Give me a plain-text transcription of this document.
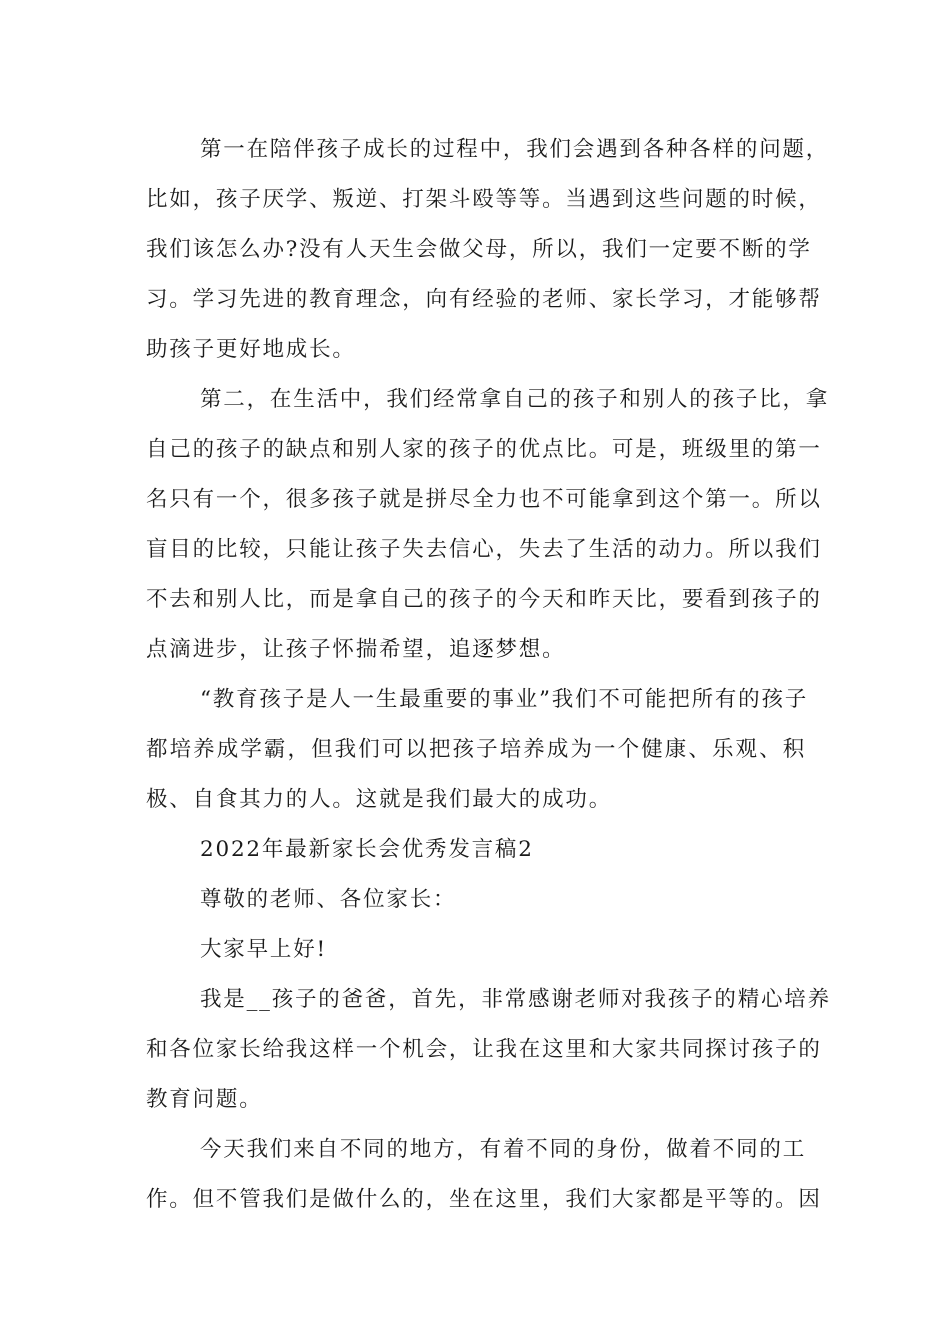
第一在陪伴孩子成长的过程中，我们会遇到各种各样的问题，
比如，孩子厌学、叛逆、打架斗殴等等。当遇到这些问题的时候，
我们该怎么办?没有人天生会做父母，所以，我们一定要不断的学
习。学习先进的教育理念，向有经验的老师、家长学习，才能够帮
助孩子更好地成长。
第二，在生活中，我们经常拿自己的孩子和别人的孩子比，拿
自己的孩子的缺点和别人家的孩子的优点比。可是，班级里的第一
名只有一个，很多孩子就是拼尽全力也不可能拿到这个第一。所以
盲目的比较，只能让孩子失去信心，失去了生活的动力。所以我们
不去和别人比，而是拿自己的孩子的今天和昨天比，要看到孩子的
点滴进步，让孩子怀揣希望，追逐梦想。
“教育孩子是人一生最重要的事业”我们不可能把所有的孩子
都培养成学霸，但我们可以把孩子培养成为一个健康、乐观、积
极、自食其力的人。这就是我们最大的成功。
2022年最新家长会优秀发言稿2
尊敬的老师、各位家长：
大家早上好!
我是__孩子的爸爸，首先，非常感谢老师对我孩子的精心培养
和各位家长给我这样一个机会，让我在这里和大家共同探讨孩子的
教育问题。
今天我们来自不同的地方，有着不同的身份，做着不同的工
作。但不管我们是做什么的，坐在这里，我们大家都是平等的。因
